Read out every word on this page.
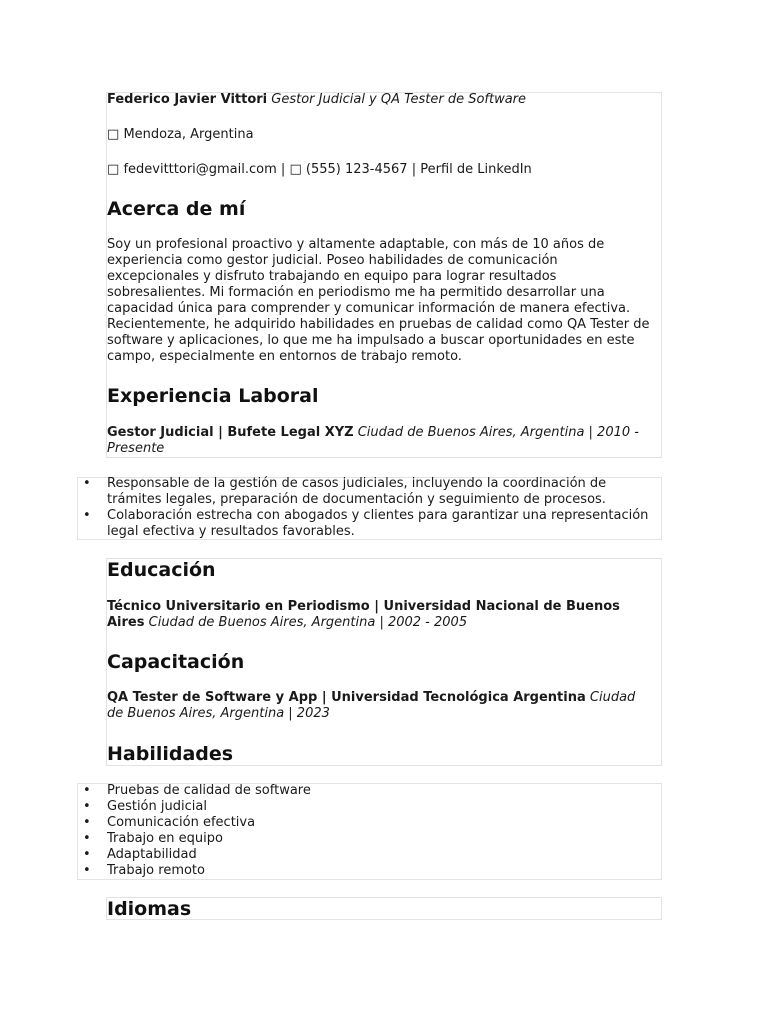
Federico Javier Vittori Gestor Judicial y QA Tester de Software

□ Mendoza, Argentina

□ fedevitttori@gmail.com | □ (555) 123-4567 | Perfil de LinkedIn

Acerca de mí
Soy un profesional proactivo y altamente adaptable, con más de 10 años de
experiencia como gestor judicial. Poseo habilidades de comunicación
excepcionales y disfruto trabajando en equipo para lograr resultados
sobresalientes. Mi formación en periodismo me ha permitido desarrollar una
capacidad única para comprender y comunicar información de manera efectiva.
Recientemente, he adquirido habilidades en pruebas de calidad como QA Tester de
software y aplicaciones, lo que me ha impulsado a buscar oportunidades en este
campo, especialmente en entornos de trabajo remoto.
Experiencia Laboral

Gestor Judicial | Bufete Legal XYZ Ciudad de Buenos Aires, Argentina | 2010 -

Presente

• Responsable de la gestión de casos judiciales, incluyendo la coordinación de
trámites legales, preparación de documentación y seguimiento de procesos.
• Colaboración estrecha con abogados y clientes para garantizar una representación
legal efectiva y resultados favorables.
Educación

Técnico Universitario en Periodismo | Universidad Nacional de Buenos

Aires Ciudad de Buenos Aires, Argentina | 2002 - 2005

Capacitación

QA Tester de Software y App | Universidad Tecnológica Argentina Ciudad

de Buenos Aires, Argentina | 2023

Habilidades
• Pruebas de calidad de software
• Gestión judicial
• Comunicación efectiva
• Trabajo en equipo
• Adaptabilidad
• Trabajo remoto
Idiomas
